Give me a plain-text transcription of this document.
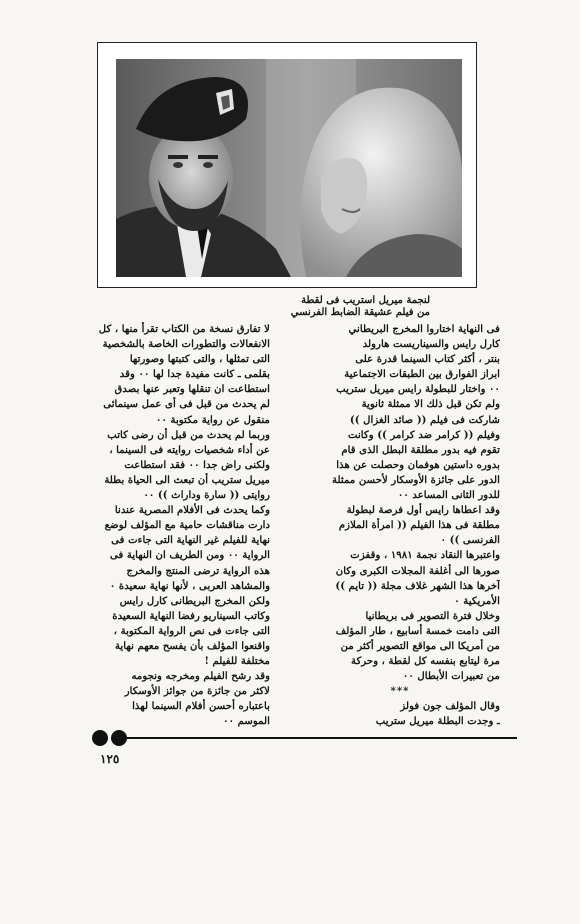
لنجمة ميريل استريب فى لقطة
من فيلم عشيقة الضابط الفرنسي

فى النهاية اختاروا المخرج البريطاني

كارل رايس والسيناريست هارولد

بنتر ، أكثر كتاب السينما قدرة على

ابراز الفوارق بين الطبقات الاجتماعية

٠٠ واختار للبطولة رايس ميريل ستريب

ولم تكن قبل ذلك الا ممثلة ثانوية

شاركت فى فيلم (( صائد الغزال ))

وفيلم (( كرامر ضد كرامر )) وكانت

تقوم فيه بدور مطلقة البطل الذى قام

بدوره داستين هوفمان وحصلت عن هذا

الدور على جائزة الأوسكار لأحسن ممثلة

للدور الثانى المساعد ٠٠

وقد اعطاها رايس أول فرصة لبطولة

مطلقة فى هذا الفيلم (( امرأة الملازم

الفرنسى )) ٠

واعتبرها النقاد نجمة ١٩٨١ ، وقفزت

صورها الى أغلفة المجلات الكبرى وكان

آخرها هذا الشهر غلاف مجلة (( تايم ))

الأمريكية ٠

وخلال فترة التصوير فى بريطانيا

التى دامت خمسة أسابيع ، طار المؤلف

من أمريكا الى مواقع التصوير أكثر من

مرة ليتابع بنفسه كل لقطة ، وحركة

من تعبيرات الأبطال ٠٠

***

وقال المؤلف جون فولز

ـ وجدت البطلة ميريل ستريب

لا تفارق نسخة من الكتاب تقرأ منها ، كل

الانفعالات والتطورات الخاصة بالشخصية

التى تمثلها ، والتى كتبتها وصورتها

بقلمى ـ كانت مفيدة جدا لها ٠٠ وقد

استطاعت ان تنقلها وتعبر عنها بصدق

لم يحدث من قبل فى أى عمل سينمائى

منقول عن رواية مكتوبة ٠٠

وربما لم يحدث من قبل أن رضى كاتب

عن أداء شخصيات روايته فى السينما ،

ولكنى راض جدا ٠٠ فقد استطاعت

ميريل ستريب أن تبعث الى الحياة بطلة

روايتى (( سارة وداراث )) ٠٠

وكما يحدث فى الأفلام المصرية عندنا

دارت مناقشات حامية مع المؤلف لوضع

نهاية للفيلم غير النهاية التى جاءت فى

الرواية ٠٠ ومن الطريف ان النهاية فى

هذه الرواية ترضى المنتج والمخرج

والمشاهد العربى ، لأنها نهاية سعيدة ٠

ولكن المخرج البريطانى كارل رايس

وكاتب السيناريو رفضا النهاية السعيدة

التى جاءت فى نص الرواية المكتوبة ،

واقنعوا المؤلف بأن يفسح معهم نهاية

مختلفة للفيلم !

وقد رشح الفيلم ومخرجه ونجومه

لاكثر من جائزة من جوائز الأوسكار

باعتباره أحسن أفلام السينما لهذا

الموسم ٠٠

١٢٥
